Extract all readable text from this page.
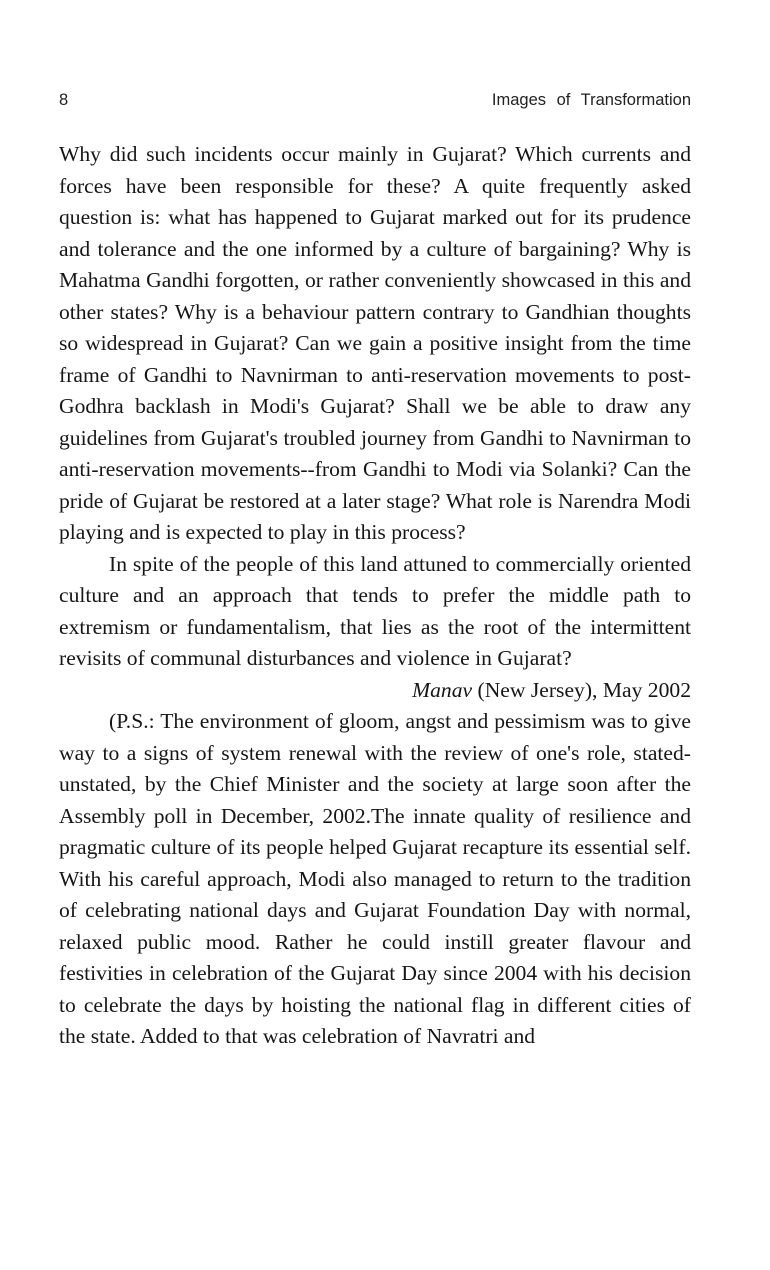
8	Images of Transformation

Why did such incidents occur mainly in Gujarat? Which currents and forces have been responsible for these? A quite frequently asked question is: what has happened to Gujarat marked out for its prudence and tolerance and the one informed by a culture of bargaining? Why is Mahatma Gandhi forgotten, or rather conveniently showcased in this and other states? Why is a behaviour pattern contrary to Gandhian thoughts so widespread in Gujarat? Can we gain a positive insight from the time frame of Gandhi to Navnirman to anti-reservation movements to post-Godhra backlash in Modi's Gujarat? Shall we be able to draw any guidelines from Gujarat's troubled journey from Gandhi to Navnirman to anti-reservation movements--from Gandhi to Modi via Solanki? Can the pride of Gujarat be restored at a later stage? What role is Narendra Modi playing and is expected to play in this process?

In spite of the people of this land attuned to commercially oriented culture and an approach that tends to prefer the middle path to extremism or fundamentalism, that lies as the root of the intermittent revisits of communal disturbances and violence in Gujarat?

Manav (New Jersey), May 2002

(P.S.: The environment of gloom, angst and pessimism was to give way to a signs of system renewal with the review of one's role, stated-unstated, by the Chief Minister and the society at large soon after the Assembly poll in December, 2002.The innate quality of resilience and pragmatic culture of its people helped Gujarat recapture its essential self. With his careful approach, Modi also managed to return to the tradition of celebrating national days and Gujarat Foundation Day with normal, relaxed public mood. Rather he could instill greater flavour and festivities in celebration of the Gujarat Day since 2004 with his decision to celebrate the days by hoisting the national flag in different cities of the state. Added to that was celebration of Navratri and
